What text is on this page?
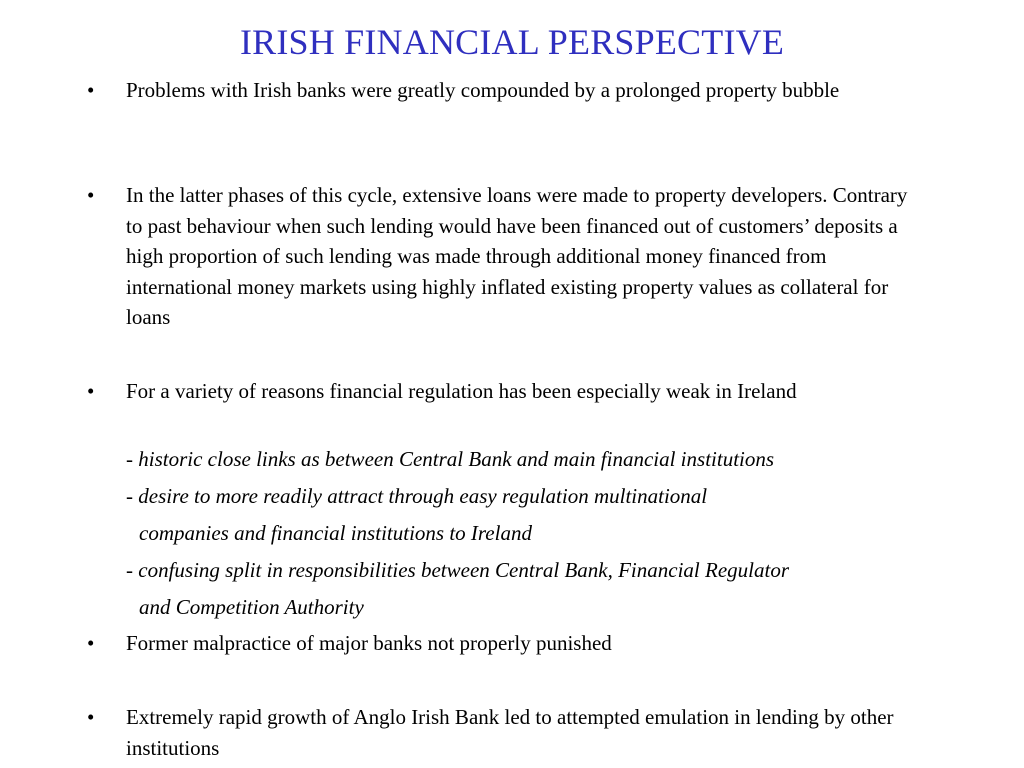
IRISH FINANCIAL PERSPECTIVE
• Problems with Irish banks were greatly compounded by a prolonged property bubble
• In the latter phases of this cycle, extensive loans were made to property developers. Contrary to past behaviour when such lending would have been financed out of customers’ deposits a high proportion of such lending was made through additional money financed from international money markets using highly inflated existing property values as collateral for loans
• For a variety of reasons financial regulation has been especially weak in Ireland
- historic close links as between Central Bank and main financial institutions
- desire to more readily attract through easy regulation multinational
companies and financial institutions to Ireland
- confusing split in responsibilities between Central Bank, Financial Regulator
and Competition Authority
• Former malpractice of major banks not properly punished
• Extremely rapid growth of Anglo Irish Bank led to attempted emulation in lending by other institutions
